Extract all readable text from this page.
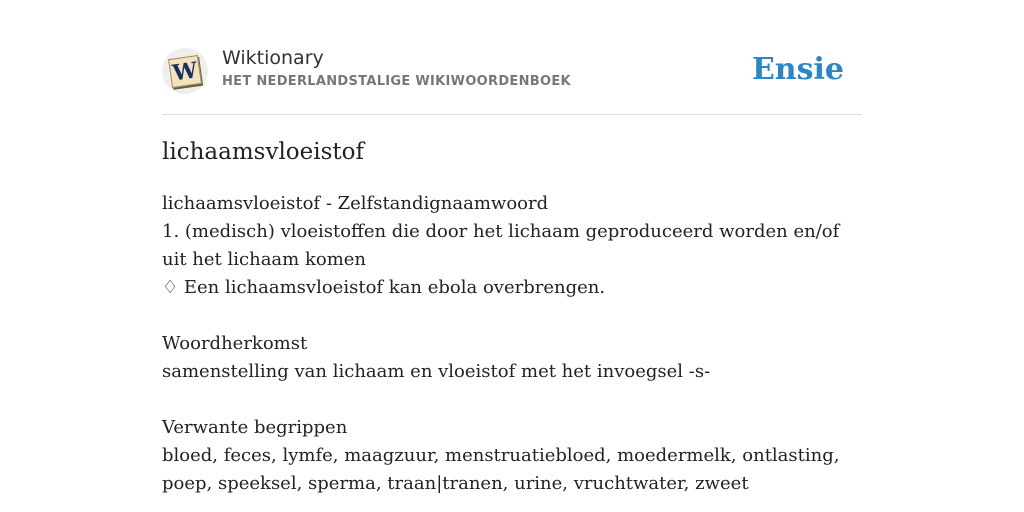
W Wiktionary
HET NEDERLANDSTALIGE WIKIWOORDENBOEK	Ensie
lichaamsvloeistof

lichaamsvloeistof - Zelfstandignaamwoord

1. (medisch) vloeistoffen die door het lichaam geproduceerd worden en/of uit het lichaam komen

♢ Een lichaamsvloeistof kan ebola overbrengen.

Woordherkomst

samenstelling van lichaam en vloeistof met het invoegsel -s-

Verwante begrippen

bloed, feces, lymfe, maagzuur, menstruatiebloed, moedermelk, ontlasting, poep, speeksel, sperma, traan|tranen, urine, vruchtwater, zweet
